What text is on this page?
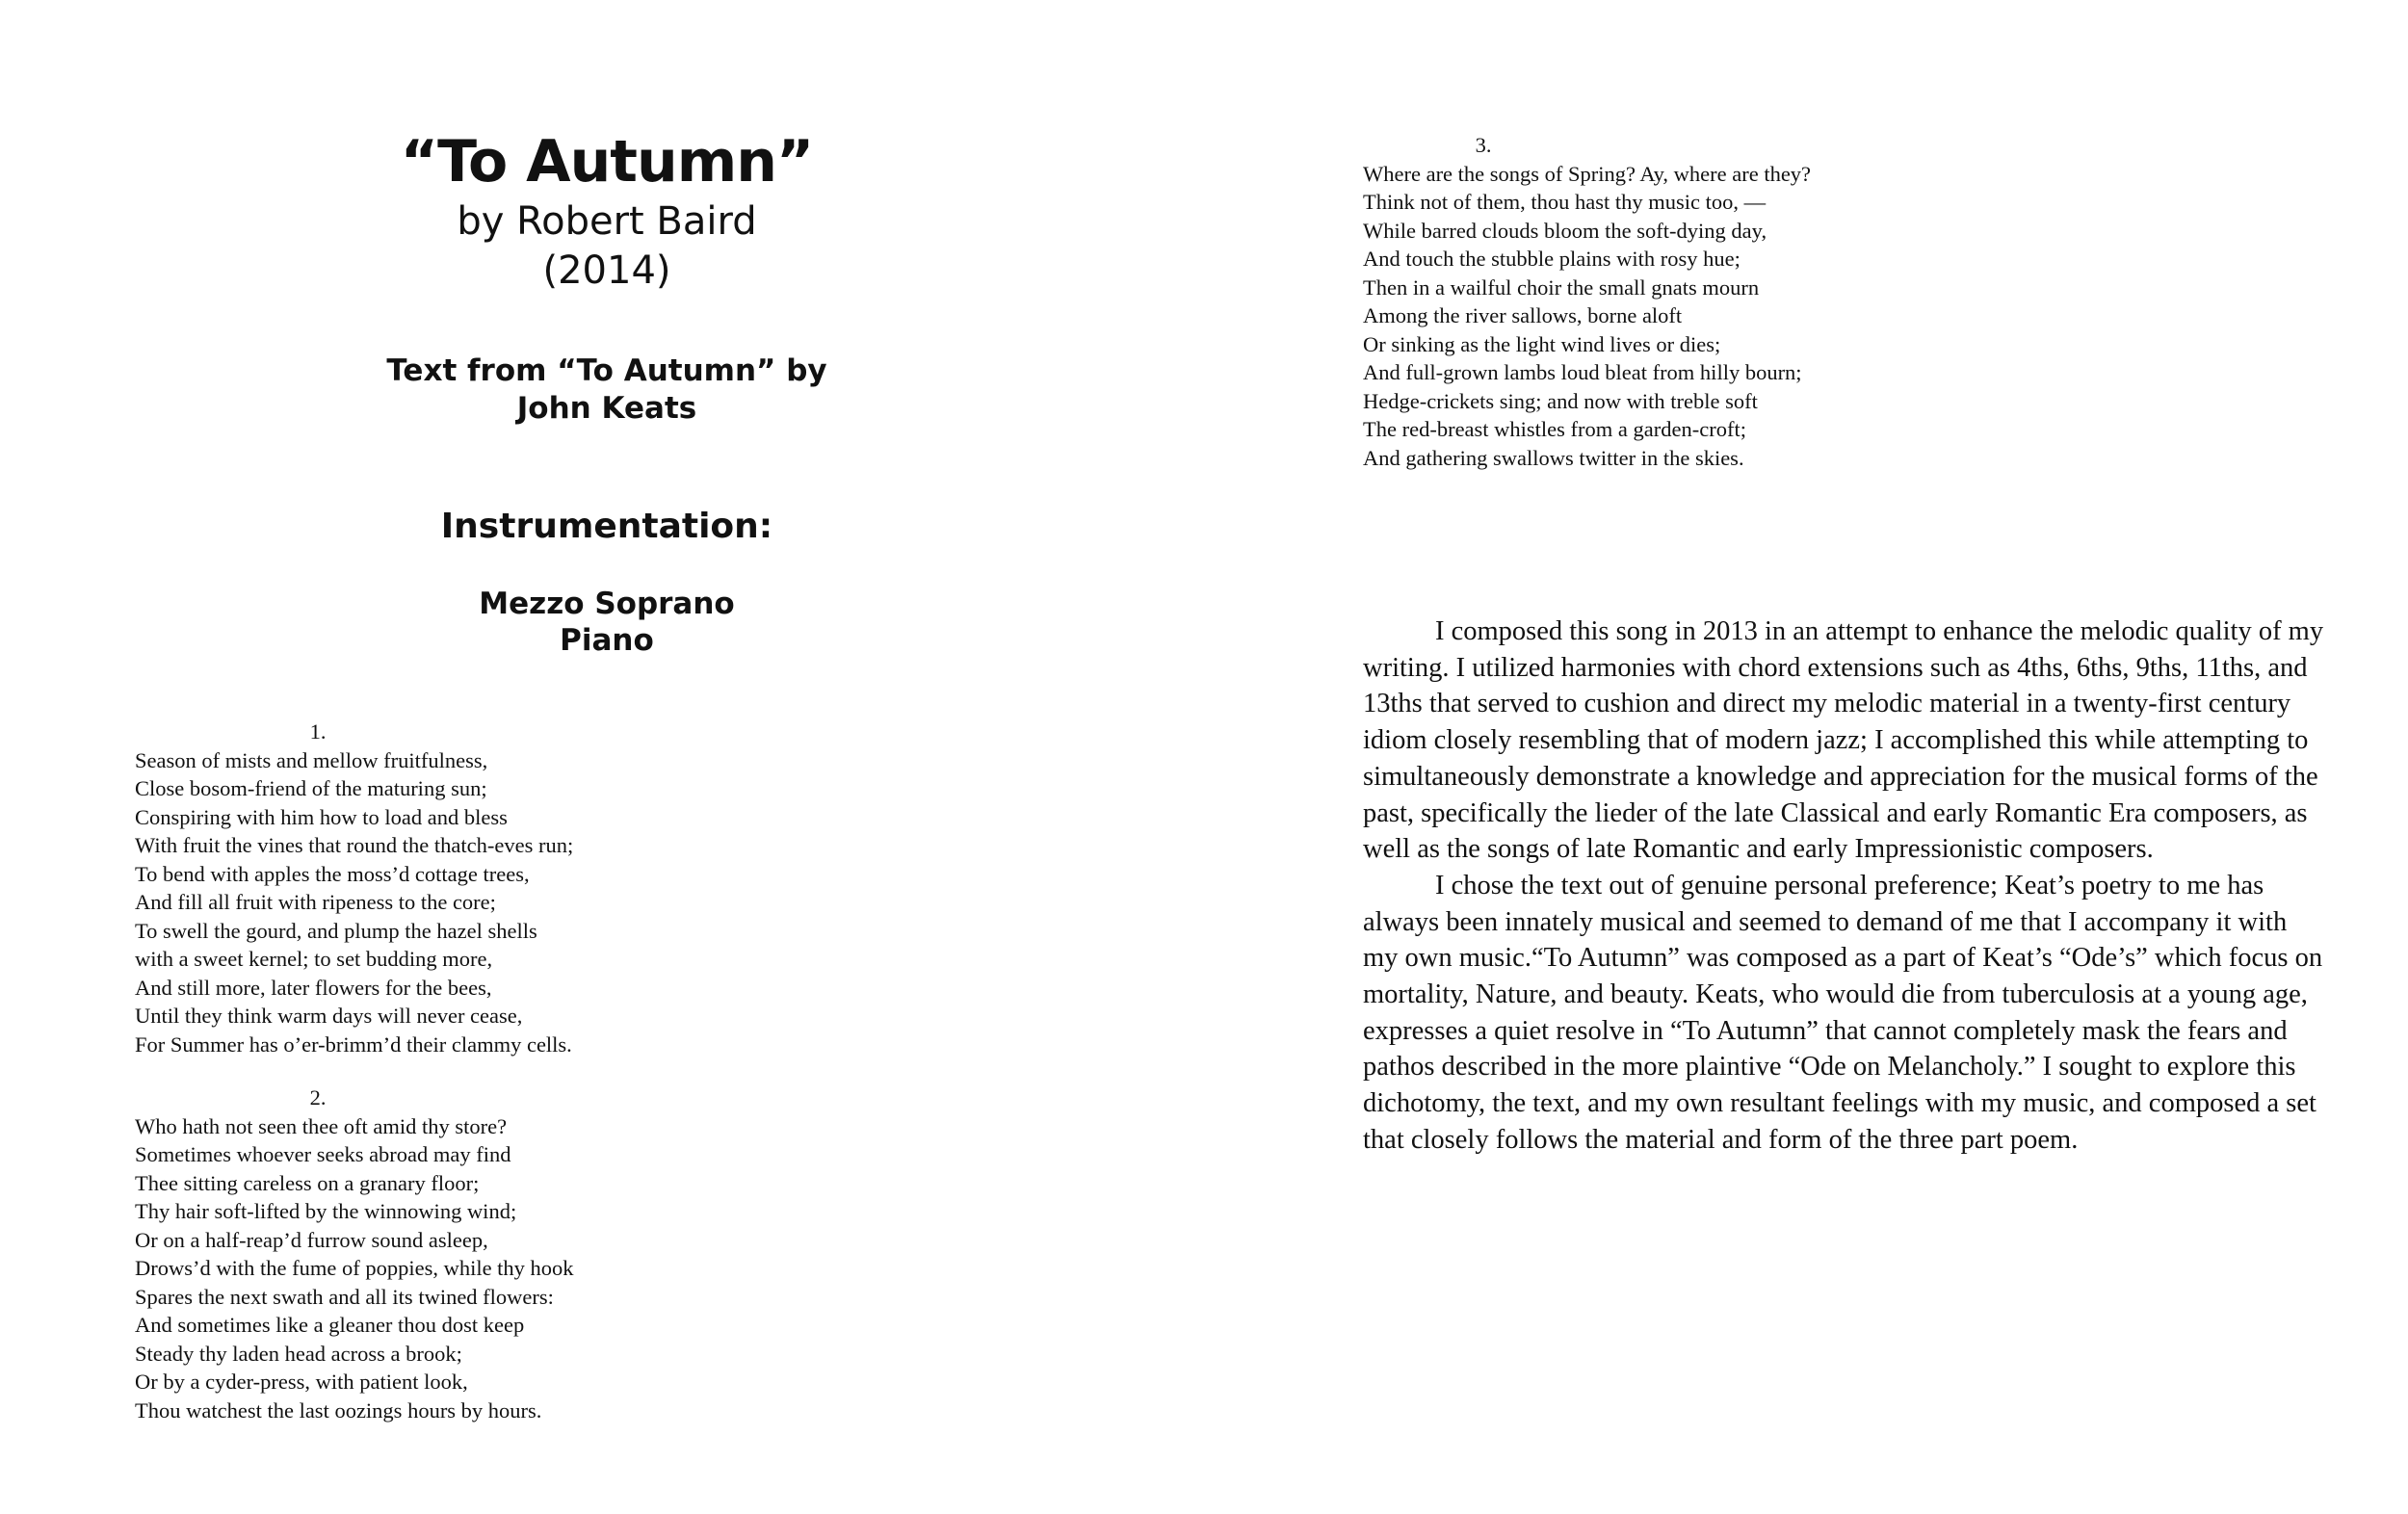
“To Autumn”
by Robert Baird
(2014)
Text from “To Autumn” by
John Keats
Instrumentation:
Mezzo Soprano
Piano
1.
Season of mists and mellow fruitfulness,
Close bosom-friend of the maturing sun;
Conspiring with him how to load and bless
With fruit the vines that round the thatch-eves run;
To bend with apples the moss’d cottage trees,
And fill all fruit with ripeness to the core;
To swell the gourd, and plump the hazel shells
with a sweet kernel; to set budding more,
And still more, later flowers for the bees,
Until they think warm days will never cease,
For Summer has o’er-brimm’d their clammy cells.
2.
Who hath not seen thee oft amid thy store?
Sometimes whoever seeks abroad may find
Thee sitting careless on a granary floor;
Thy hair soft-lifted by the winnowing wind;
Or on a half-reap’d furrow sound asleep,
Drows’d with the fume of poppies, while thy hook
Spares the next swath and all its twined flowers:
And sometimes like a gleaner thou dost keep
Steady thy laden head across a brook;
Or by a cyder-press, with patient look,
Thou watchest the last oozings hours by hours.
3.
Where are the songs of Spring? Ay, where are they?
Think not of them, thou hast thy music too, —
While barred clouds bloom the soft-dying day,
And touch the stubble plains with rosy hue;
Then in a wailful choir the small gnats mourn
Among the river sallows, borne aloft
Or sinking as the light wind lives or dies;
And full-grown lambs loud bleat from hilly bourn;
Hedge-crickets sing; and now with treble soft
The red-breast whistles from a garden-croft;
And gathering swallows twitter in the skies.

I composed this song in 2013 in an attempt to enhance the melodic quality of my writing. I utilized harmonies with chord extensions such as 4ths, 6ths, 9ths, 11ths, and 13ths that served to cushion and direct my melodic material in a twenty-first century idiom closely resembling that of modern jazz; I accomplished this while attempting to simultaneously demonstrate a knowledge and appreciation for the musical forms of the past, specifically the lieder of the late Classical and early Romantic Era composers, as well as the songs of late Romantic and early Impressionistic composers.

I chose the text out of genuine personal preference; Keat’s poetry to me has always been innately musical and seemed to demand of me that I accompany it with my own music.“To Autumn” was composed as a part of Keat’s “Ode’s” which focus on mortality, Nature, and beauty. Keats, who would die from tuberculosis at a young age, expresses a quiet resolve in “To Autumn” that cannot completely mask the fears and pathos described in the more plaintive “Ode on Melancholy.” I sought to explore this dichotomy, the text, and my own resultant feelings with my music, and composed a set that closely follows the material and form of the three part poem.
